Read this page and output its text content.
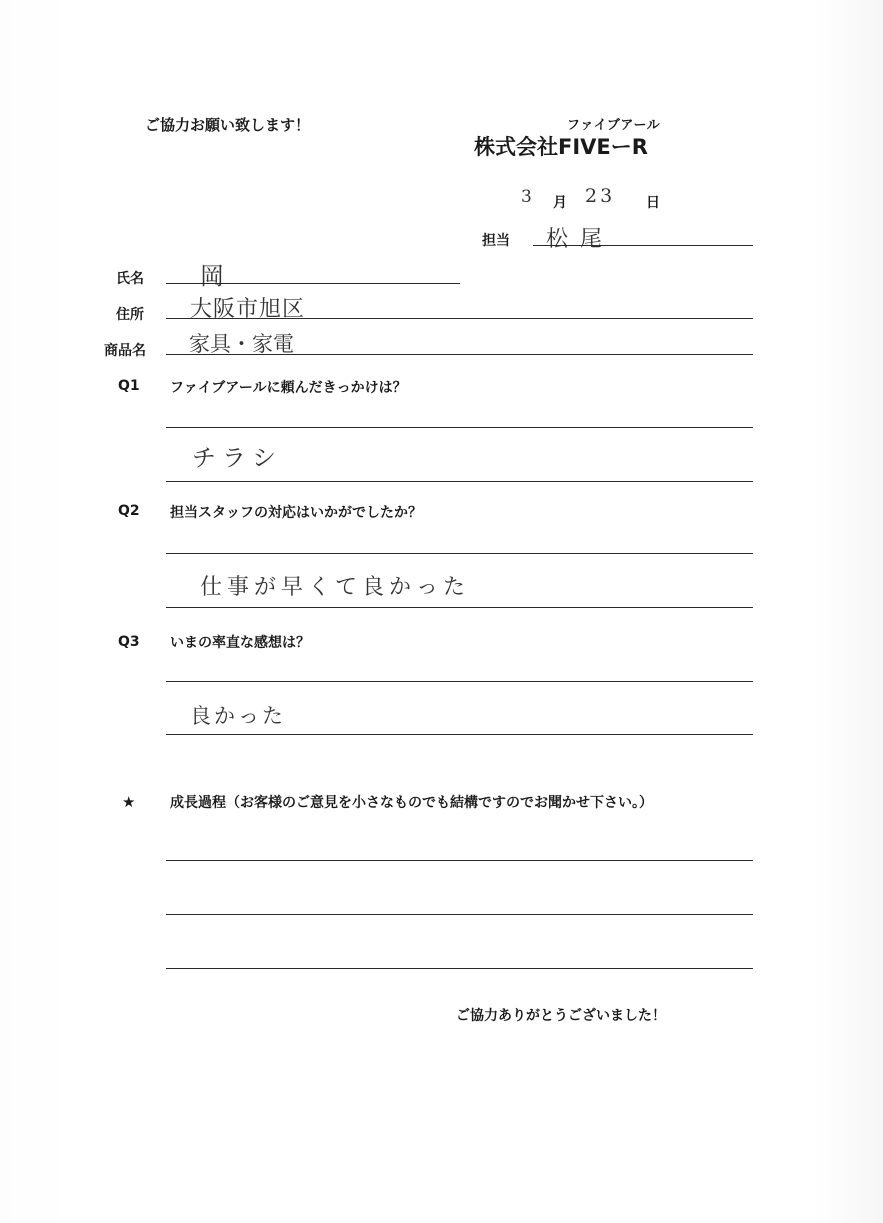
ご協力お願い致します！	ファイブアール
株式会社FIVEーR
3 月 23 日
担当 松尾
氏名 岡
住所 大阪市旭区
商品名 家具・家電
Q1 ファイブアールに頼んだきっかけは？
チラシ
Q2 担当スタッフの対応はいかがでしたか？
仕事が早くて良かった
Q3 いまの率直な感想は？
良かった
★ 成長過程（お客様のご意見を小さなものでも結構ですのでお聞かせ下さい。）
ご協力ありがとうございました！
